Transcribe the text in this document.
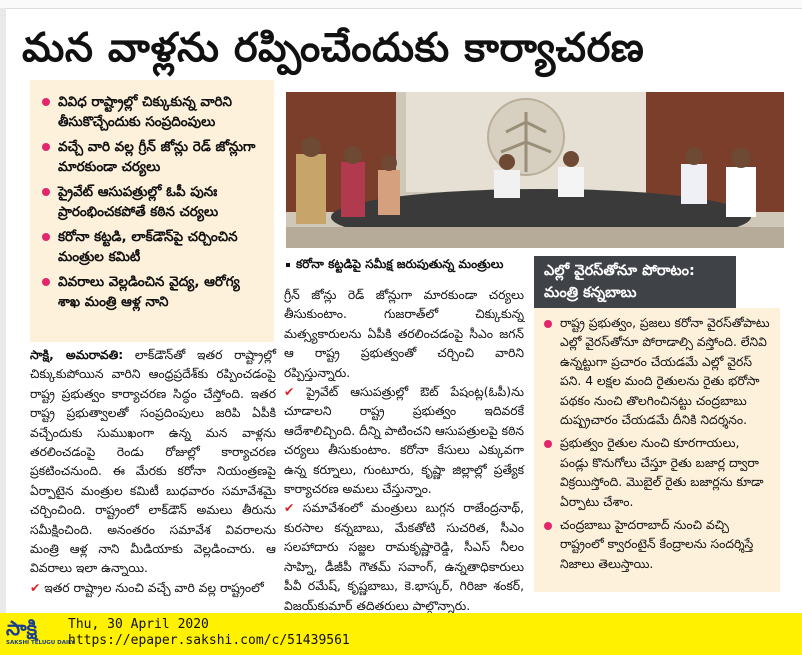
మన వాళ్లను రప్పించేందుకు కార్యాచరణ
వివిధ రాష్ట్రాల్లో చిక్కుకున్న వారిని తీసుకొచ్చేందుకు సంప్రదింపులు
వచ్చే వారి వల్ల గ్రీన్‌ జోన్లు రెడ్‌ జోన్లుగా మారకుండా చర్యలు
ప్రైవేట్‌ ఆసుపత్రుల్లో ఓపీ పునః ప్రారంభించకపోతే కఠిన చర్యలు
కరోనా కట్టడి, లాక్‌డౌన్‌పై చర్చించిన మంత్రుల కమిటీ
వివరాలు వెల్లడించిన వైద్య, ఆరోగ్య శాఖ మంత్రి ఆళ్ల నాని
కరోనా కట్టడిపై సమీక్ష జరుపుతున్న మంత్రులు

సాక్షి, అమరావతి: లాక్‌డౌన్‌తో ఇతర రాష్ట్రాల్లో చిక్కుకుపోయిన వారిని ఆంధ్రప్రదేశ్‌కు రప్పించడంపై రాష్ట్ర ప్రభుత్వం కార్యాచరణ సిద్ధం చేస్తోంది. ఇతర రాష్ట్ర ప్రభుత్వాలతో సంప్రదింపులు జరిపి ఏపీకి వచ్చేందుకు సుముఖంగా ఉన్న మన వాళ్లను తరలించడంపై రెండు రోజుల్లో కార్యాచరణ ప్రకటించనుంది. ఈ మేరకు కరోనా నియంత్రణపై ఏర్పాటైన మంత్రుల కమిటీ బుధవారం సమావేశమై చర్చించింది. రాష్ట్రంలో లాక్‌డౌన్‌ అమలు తీరును సమీక్షించింది. అనంతరం సమావేశ వివరాలను మంత్రి ఆళ్ల నాని మీడియాకు వెల్లడించారు. ఆ వివరాలు ఇలా ఉన్నాయి.

✔ ఇతర రాష్ట్రాల నుంచి వచ్చే వారి వల్ల రాష్ట్రంలో

గ్రీన్‌ జోన్లు రెడ్‌ జోన్లుగా మారకుండా చర్యలు తీసుకుంటాం. గుజరాత్‌లో చిక్కుకున్న మత్స్యకారులను ఏపీకి తరలించడంపై సీఎం జగన్‌ ఆ రాష్ట్ర ప్రభుత్వంతో చర్చించి వారిని రప్పిస్తున్నారు.

✔ ప్రైవేట్‌ ఆసుపత్రుల్లో ఔట్‌ పేషంట్ల(ఓపీ)ను చూడాలని రాష్ట్ర ప్రభుత్వం ఇదివరకే ఆదేశాలిచ్చింది. దీన్ని పాటించని ఆసుపత్రులపై కఠిన చర్యలు తీసుకుంటాం. కరోనా కేసులు ఎక్కువగా ఉన్న కర్నూలు, గుంటూరు, కృష్ణా జిల్లాల్లో ప్రత్యేక కార్యాచరణ అమలు చేస్తున్నాం.

✔ సమావేశంలో మంత్రులు బుగ్గన రాజేంద్రనాథ్, కురసాల కన్నబాబు, మేకతోటి సుచరిత, సీఎం సలహాదారు సజ్జల రామకృష్ణారెడ్డి, సీఎస్‌ నీలం సాహ్ని, డీజీపీ గౌతమ్‌ సవాంగ్, ఉన్నతాధికారులు పీవీ రమేష్, కృష్ణబాబు, కె.భాస్కర్, గిరిజా శంకర్, విజయ్‌కుమార్‌ తదితరులు పాల్గొన్నారు.

ఎల్లో వైరస్‌తోనూ పోరాటం: మంత్రి కన్నబాబు
రాష్ట్ర ప్రభుత్వం, ప్రజలు కరోనా వైరస్‌తోపాటు ఎల్లో వైరస్‌తోనూ పోరాడాల్సి వస్తోంది. లేనివి ఉన్నట్టుగా ప్రచారం చేయడమే ఎల్లో వైరస్‌ పని. 4 లక్షల మంది రైతులను రైతు భరోసా పథకం నుంచి తొలగించినట్టు చంద్రబాబు దుష్ప్రచారం చేయడమే దీనికి నిదర్శనం.
ప్రభుత్వం రైతుల నుంచి కూరగాయలు, పండ్లు కొనుగోలు చేస్తూ రైతు బజార్ల ద్వారా విక్రయిస్తోంది. మొబైల్‌ రైతు బజార్లను కూడా ఏర్పాటు చేశాం.
చంద్రబాబు హైదరాబాద్‌ నుంచి వచ్చి రాష్ట్రంలో క్వారంటైన్‌ కేంద్రాలను సందర్శిస్తే నిజాలు తెలుస్తాయి.
సాక్షి
SAKSHI TELUGU DAILY
Thu, 30 April 2020
https://epaper.sakshi.com/c/51439561
